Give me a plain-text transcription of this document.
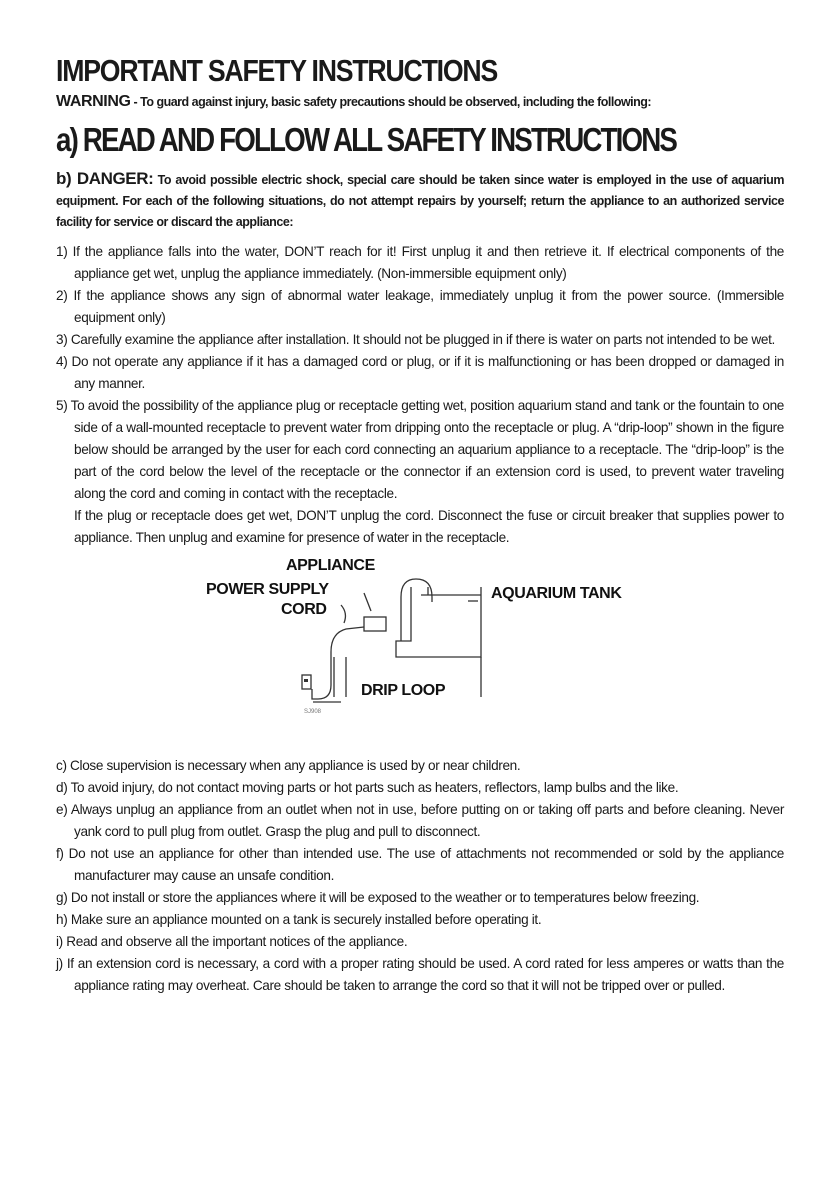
IMPORTANT SAFETY INSTRUCTIONS

WARNING - To guard against injury, basic safety precautions should be observed, including the following:

a) READ AND FOLLOW ALL SAFETY INSTRUCTIONS

b) DANGER: To avoid possible electric shock, special care should be taken since water is employed in the use of aquarium equipment. For each of the following situations, do not attempt repairs by yourself; return the appliance to an authorized service facility for service or discard the appliance:

1) If the appliance falls into the water, DON’T reach for it! First unplug it and then retrieve it. If electrical components of the appliance get wet, unplug the appliance immediately. (Non-immersible equipment only)
2) If the appliance shows any sign of abnormal water leakage, immediately unplug it from the power source. (Immersible equipment only)
3) Carefully examine the appliance after installation. It should not be plugged in if there is water on parts not intended to be wet.
4) Do not operate any appliance if it has a damaged cord or plug, or if it is malfunctioning or has been dropped or damaged in any manner.
5) To avoid the possibility of the appliance plug or receptacle getting wet, position aquarium stand and tank or the fountain to one side of a wall-mounted receptacle to prevent water from dripping onto the receptacle or plug. A “drip-loop” shown in the figure below should be arranged by the user for each cord connecting an aquarium appliance to a receptacle. The “drip-loop” is the part of the cord below the level of the receptacle or the connector if an extension cord is used, to prevent water traveling along the cord and coming in contact with the receptacle.
If the plug or receptacle does get wet, DON’T unplug the cord. Disconnect the fuse or circuit breaker that supplies power to appliance. Then unplug and examine for presence of water in the receptacle.
APPLIANCE
POWER SUPPLY
CORD
AQUARIUM TANK
DRIP LOOP
SJ908
c) Close supervision is necessary when any appliance is used by or near children.
d) To avoid injury, do not contact moving parts or hot parts such as heaters, reflectors, lamp bulbs and the like.
e) Always unplug an appliance from an outlet when not in use, before putting on or taking off parts and before cleaning. Never yank cord to pull plug from outlet. Grasp the plug and pull to disconnect.
f) Do not use an appliance for other than intended use. The use of attachments not recommended or sold by the appliance manufacturer may cause an unsafe condition.
g) Do not install or store the appliances where it will be exposed to the weather or to temperatures below freezing.
h) Make sure an appliance mounted on a tank is securely installed before operating it.
i) Read and observe all the important notices of the appliance.
j) If an extension cord is necessary, a cord with a proper rating should be used. A cord rated for less amperes or watts than the appliance rating may overheat. Care should be taken to arrange the cord so that it will not be tripped over or pulled.
